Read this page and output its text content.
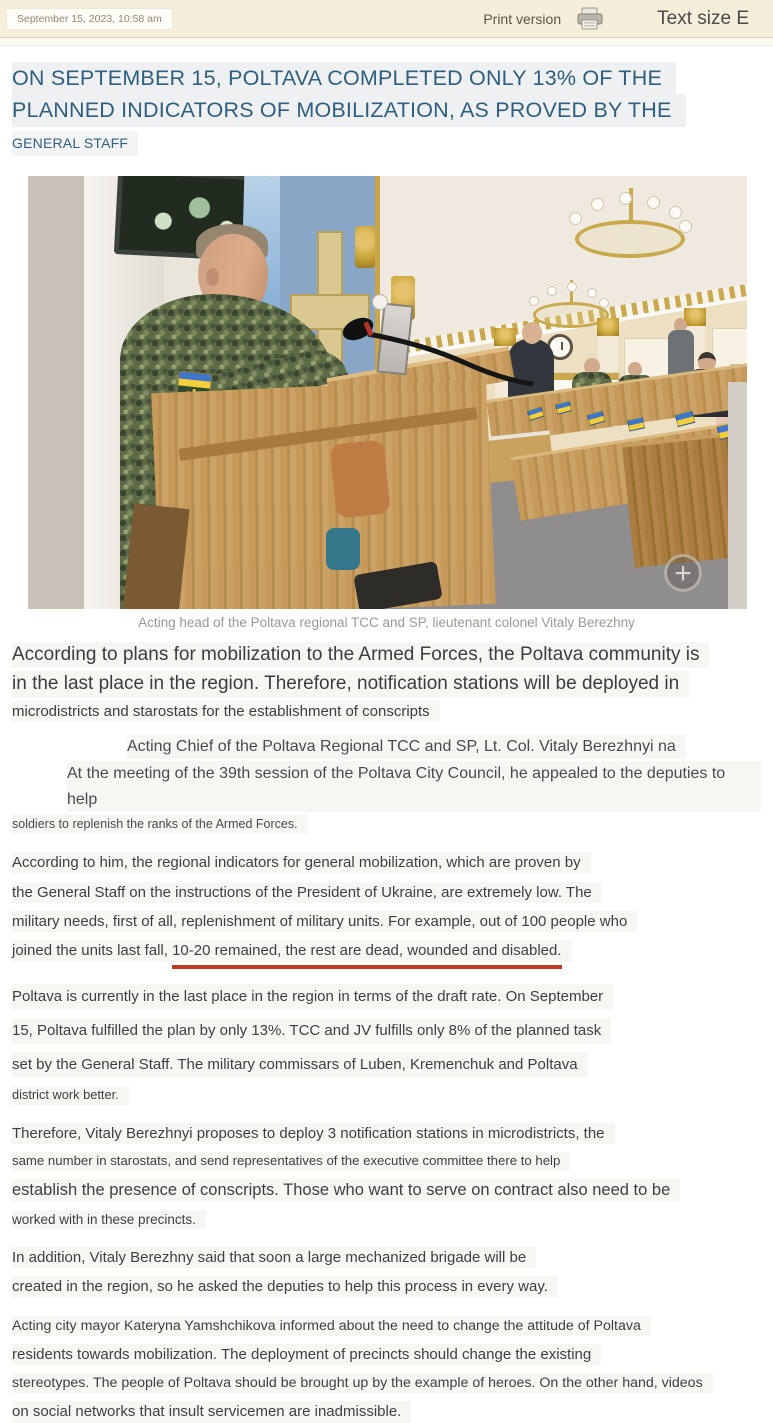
September 15, 2023, 10:58 am	Print version	Text size E
ON SEPTEMBER 15, POLTAVA COMPLETED ONLY 13% OF THE
PLANNED INDICATORS OF MOBILIZATION, AS PROVED BY THE
GENERAL STAFF
+
Acting head of the Poltava regional TCC and SP, lieutenant colonel Vitaly Berezhny
According to plans for mobilization to the Armed Forces, the Poltava community is
in the last place in the region. Therefore, notification stations will be deployed in
microdistricts and starostats for the establishment of conscripts
Acting Chief of the Poltava Regional TCC and SP, Lt. Col. Vitaly Berezhnyi na
At the meeting of the 39th session of the Poltava City Council, he appealed to the deputies to help
soldiers to replenish the ranks of the Armed Forces.
According to him, the regional indicators for general mobilization, which are proven by
the General Staff on the instructions of the President of Ukraine, are extremely low. The
military needs, first of all, replenishment of military units. For example, out of 100 people who
joined the units last fall, 10-20 remained, the rest are dead, wounded and disabled.
Poltava is currently in the last place in the region in terms of the draft rate. On September
15, Poltava fulfilled the plan by only 13%. TCC and JV fulfills only 8% of the planned task
set by the General Staff. The military commissars of Luben, Kremenchuk and Poltava
district work better.
Therefore, Vitaly Berezhnyi proposes to deploy 3 notification stations in microdistricts, the
same number in starostats, and send representatives of the executive committee there to help
establish the presence of conscripts. Those who want to serve on contract also need to be
worked with in these precincts.
In addition, Vitaly Berezhny said that soon a large mechanized brigade will be
created in the region, so he asked the deputies to help this process in every way.
Acting city mayor Kateryna Yamshchikova informed about the need to change the attitude of Poltava
residents towards mobilization. The deployment of precincts should change the existing
stereotypes. The people of Poltava should be brought up by the example of heroes. On the other hand, videos
on social networks that insult servicemen are inadmissible.
